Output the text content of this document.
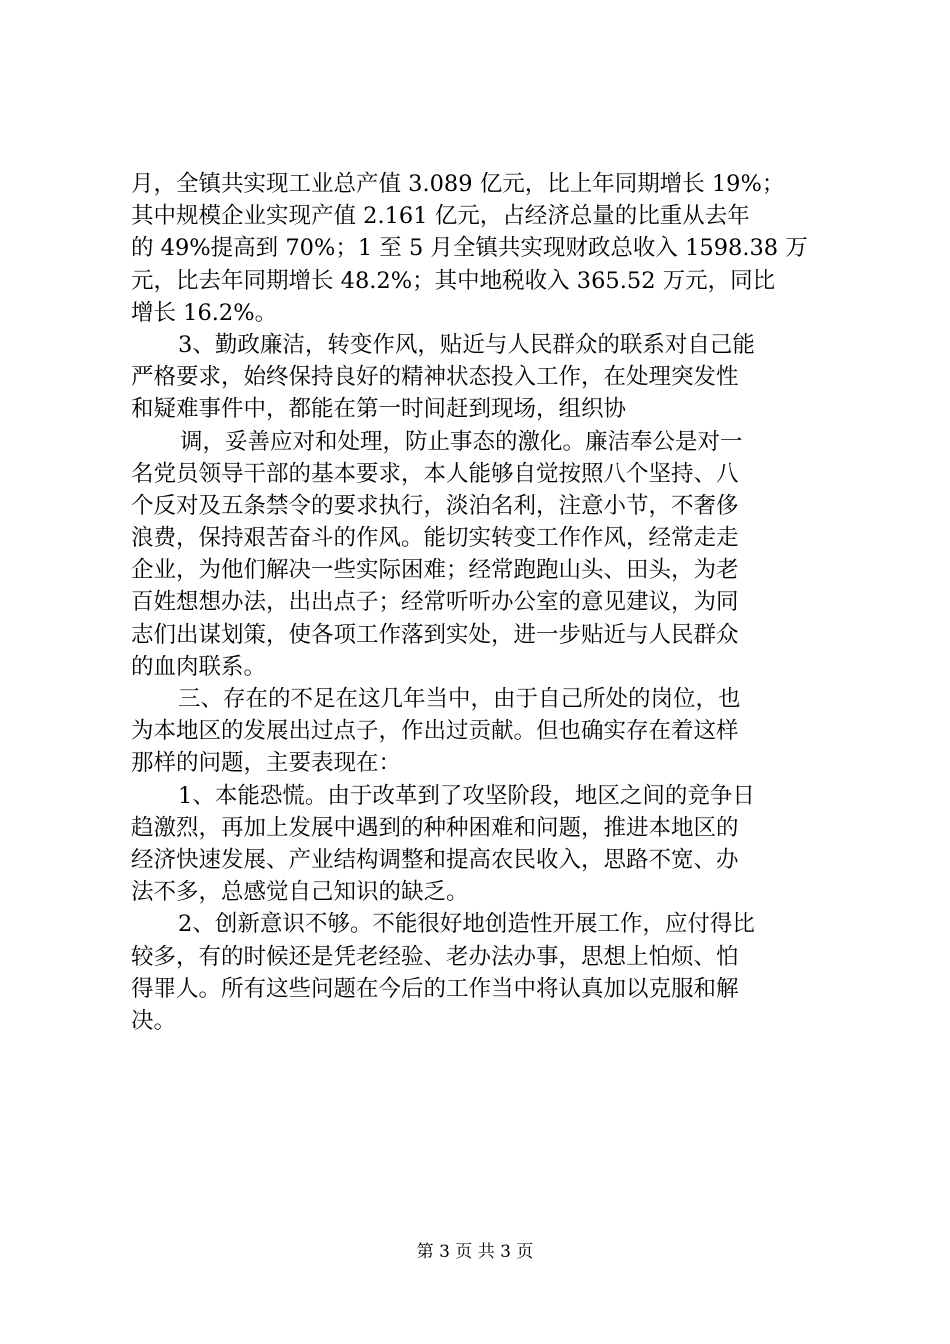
月，全镇共实现工业总产值 3.089 亿元，比上年同期增长 19%；
其中规模企业实现产值 2.161 亿元，占经济总量的比重从去年
的 49%提高到 70%；1 至 5 月全镇共实现财政总收入 1598.38 万
元，比去年同期增长 48.2%；其中地税收入 365.52 万元，同比
增长 16.2%。
3、勤政廉洁，转变作风，贴近与人民群众的联系对自己能
严格要求，始终保持良好的精神状态投入工作，在处理突发性
和疑难事件中，都能在第一时间赶到现场，组织协
调，妥善应对和处理，防止事态的激化。廉洁奉公是对一
名党员领导干部的基本要求，本人能够自觉按照八个坚持、八
个反对及五条禁令的要求执行，淡泊名利，注意小节，不奢侈
浪费，保持艰苦奋斗的作风。能切实转变工作作风，经常走走
企业，为他们解决一些实际困难；经常跑跑山头、田头，为老
百姓想想办法，出出点子；经常听听办公室的意见建议，为同
志们出谋划策，使各项工作落到实处，进一步贴近与人民群众
的血肉联系。
三、存在的不足在这几年当中，由于自己所处的岗位，也
为本地区的发展出过点子，作出过贡献。但也确实存在着这样
那样的问题，主要表现在：
1、本能恐慌。由于改革到了攻坚阶段，地区之间的竞争日
趋激烈，再加上发展中遇到的种种困难和问题，推进本地区的
经济快速发展、产业结构调整和提高农民收入，思路不宽、办
法不多，总感觉自己知识的缺乏。
2、创新意识不够。不能很好地创造性开展工作，应付得比
较多，有的时候还是凭老经验、老办法办事，思想上怕烦、怕
得罪人。所有这些问题在今后的工作当中将认真加以克服和解
决。
第 3 页 共 3 页
